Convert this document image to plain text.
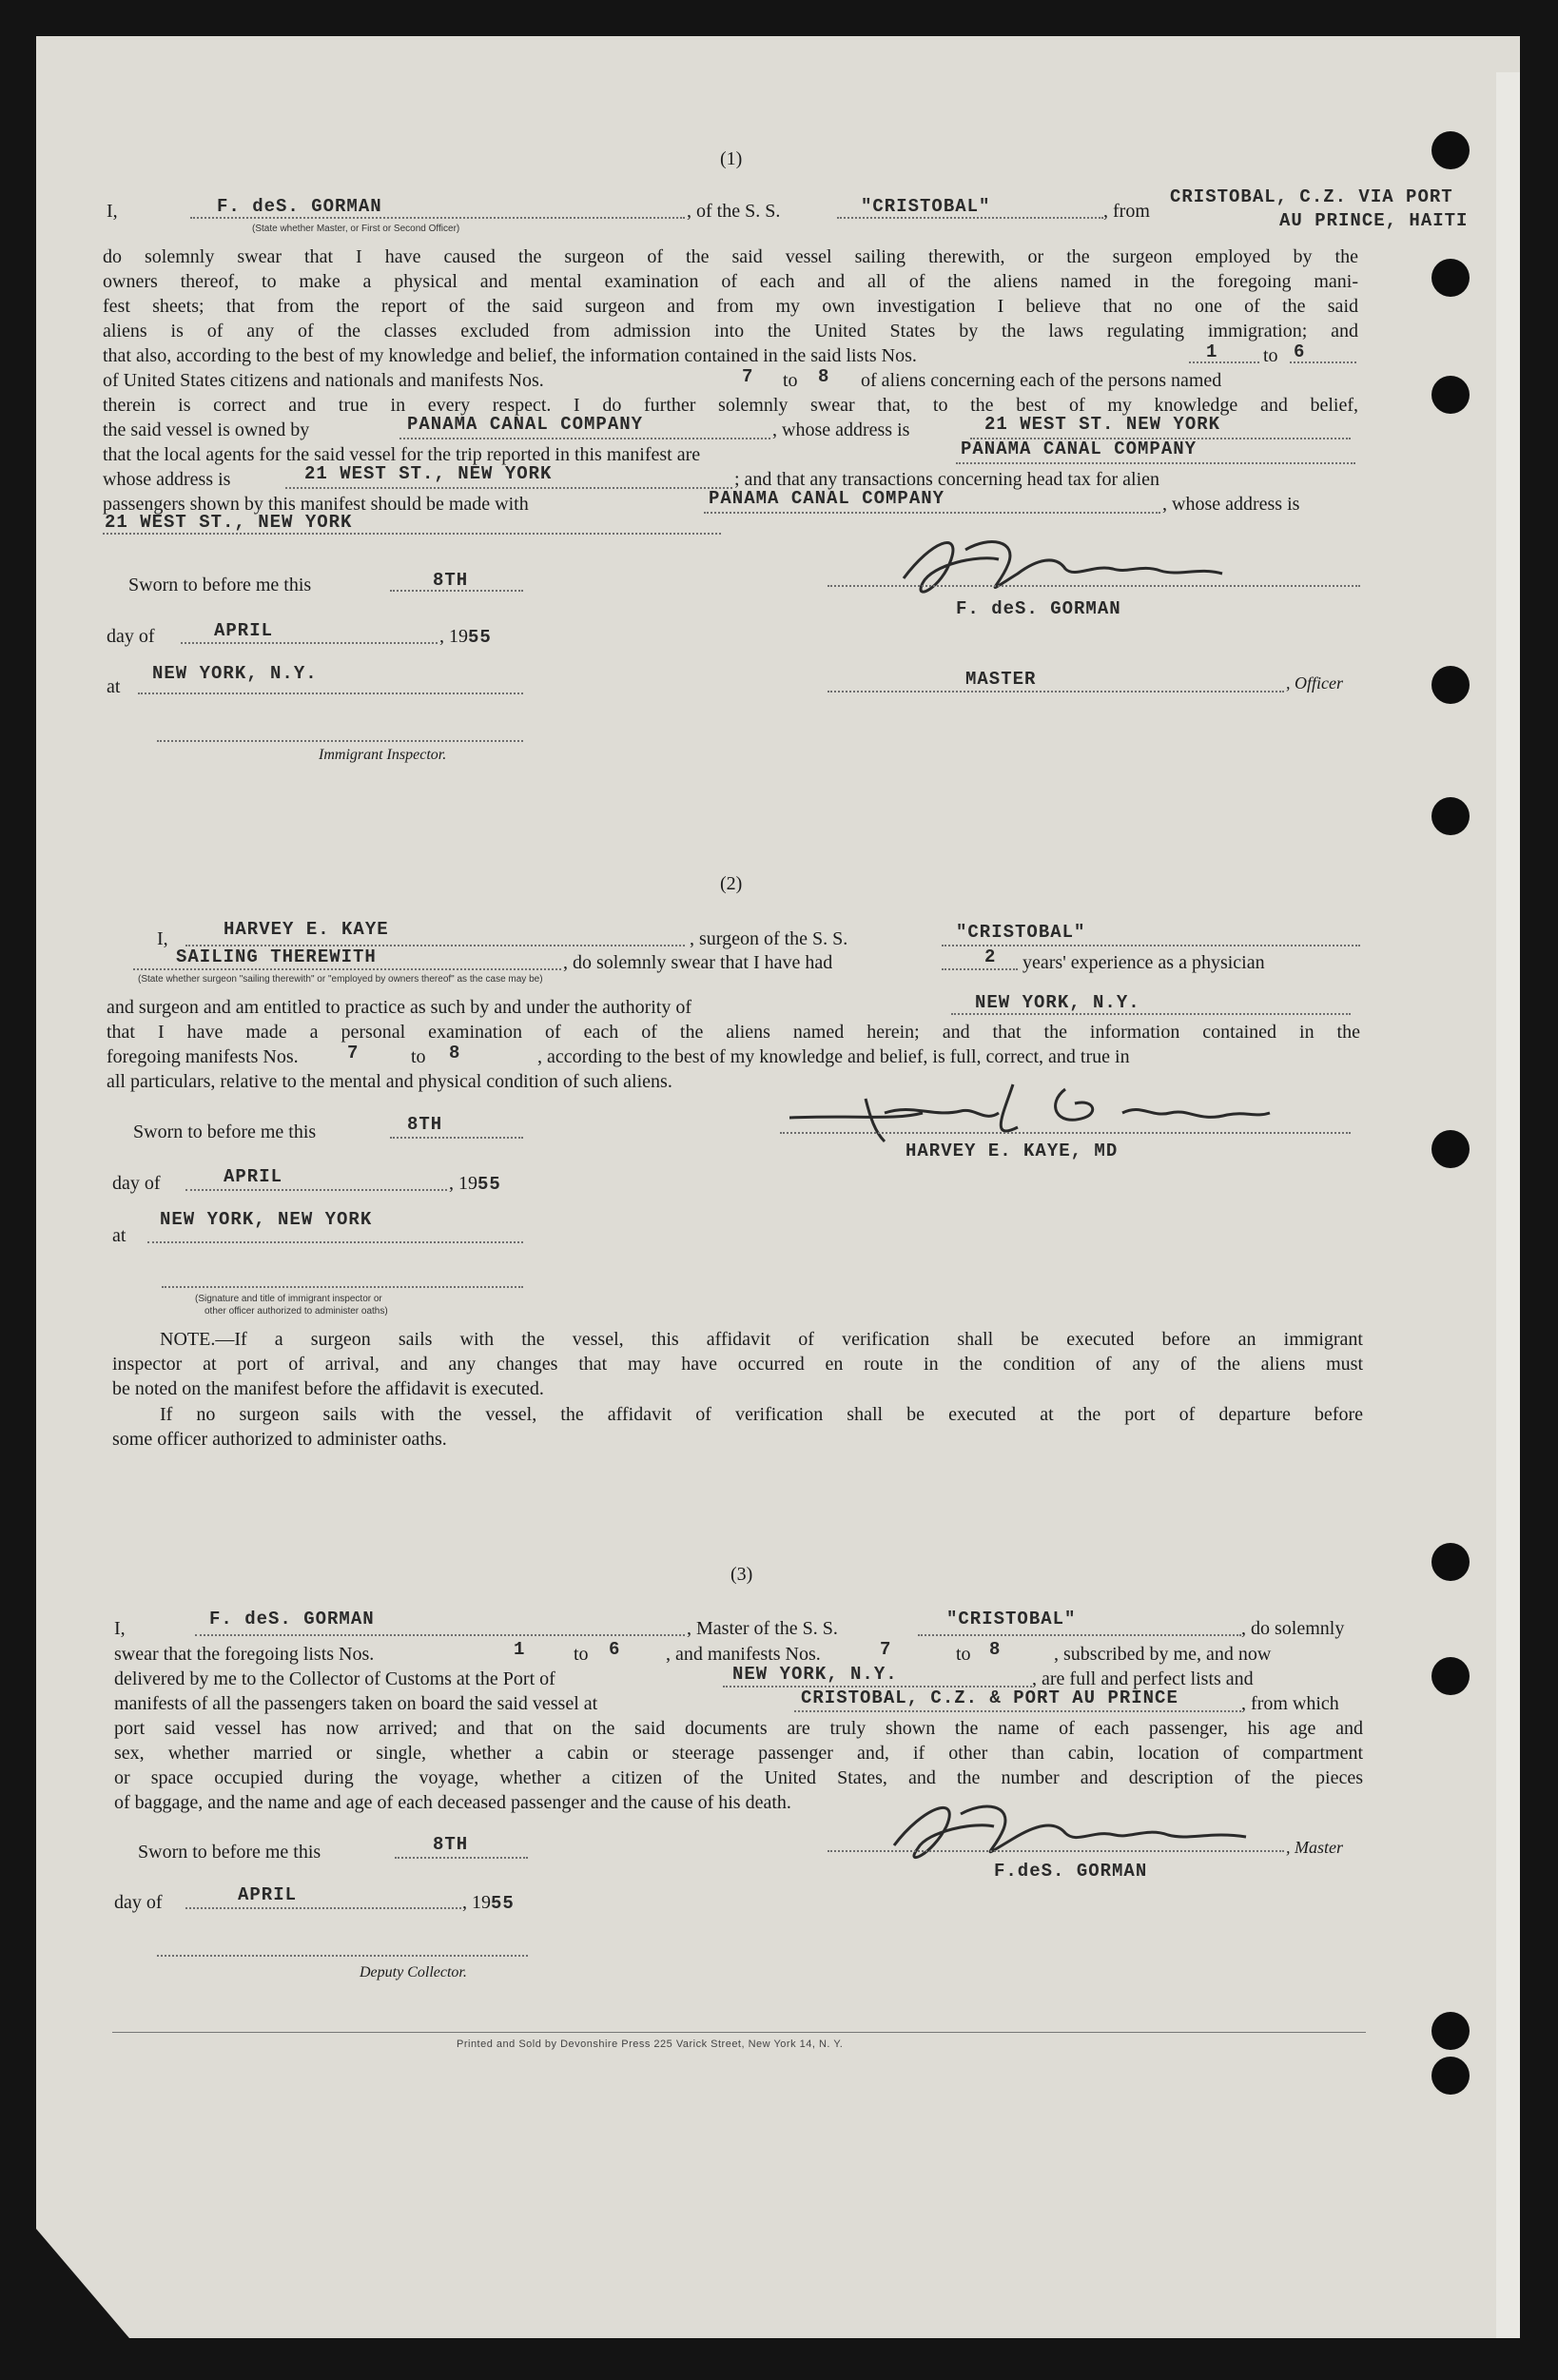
(1)
I,	F. deS. GORMAN	, of the S. S.	"CRISTOBAL"	, from
CRISTOBAL, C.Z. VIA PORT
AU PRINCE, HAITI
(State whether Master, or First or Second Officer)
do solemnly swear that I have caused the surgeon of the said vessel sailing therewith, or the surgeon employed by the
owners thereof, to make a physical and mental examination of each and all of the aliens named in the foregoing mani-
fest sheets; that from the report of the said surgeon and from my own investigation I believe that no one of the said
aliens is of any of the classes excluded from admission into the United States by the laws regulating immigration; and
that also, according to the best of my knowledge and belief, the information contained in the said lists Nos.	1 to 6
of United States citizens and nationals and manifests Nos.	7 to 8 of aliens concerning each of the persons named
therein is correct and true in every respect. I do further solemnly swear that, to the best of my knowledge and belief,
the said vessel is owned by	PANAMA CANAL COMPANY	, whose address is	21 WEST ST. NEW YORK
that the local agents for the said vessel for the trip reported in this manifest are	PANAMA CANAL COMPANY
whose address is	21 WEST ST., NEW YORK	; and that any transactions concerning head tax for alien
passengers shown by this manifest should be made with	PANAMA CANAL COMPANY	, whose address is
21 WEST ST., NEW YORK
Sworn to before me this	8TH
day of	APRIL	, 1955
at
NEW YORK, N.Y.
Immigrant Inspector.
F. deS. GORMAN
MASTER	, Officer
(2)
I,	HARVEY E. KAYE	, surgeon of the S. S.	"CRISTOBAL"
SAILING THEREWITH	, do solemnly swear that I have had	2 years' experience as a physician
(State whether surgeon "sailing therewith" or "employed by owners thereof" as the case may be)
and surgeon and am entitled to practice as such by and under the authority of	NEW YORK, N.Y.
that I have made a personal examination of each of the aliens named herein; and that the information contained in the
foregoing manifests Nos.	7	to 8	, according to the best of my knowledge and belief, is full, correct, and true in
all particulars, relative to the mental and physical condition of such aliens.
Sworn to before me this	8TH
day of	APRIL	, 1955
at
NEW YORK, NEW YORK
(Signature and title of immigrant inspector or
other officer authorized to administer oaths)
HARVEY E. KAYE, MD
NOTE.—If a surgeon sails with the vessel, this affidavit of verification shall be executed before an immigrant
inspector at port of arrival, and any changes that may have occurred en route in the condition of any of the aliens must
be noted on the manifest before the affidavit is executed.
If no surgeon sails with the vessel, the affidavit of verification shall be executed at the port of departure before
some officer authorized to administer oaths.
(3)
I,	F. deS. GORMAN	, Master of the S. S.	"CRISTOBAL"	, do solemnly
swear that the foregoing lists Nos.	1	to 6 , and manifests Nos.	7	to 8	, subscribed by me, and now
delivered by me to the Collector of Customs at the Port of	NEW YORK, N.Y.	, are full and perfect lists and
manifests of all the passengers taken on board the said vessel at	CRISTOBAL, C.Z. & PORT AU PRINCE	, from which
port said vessel has now arrived; and that on the said documents are truly shown the name of each passenger, his age and
sex, whether married or single, whether a cabin or steerage passenger and, if other than cabin, location of compartment
or space occupied during the voyage, whether a citizen of the United States, and the number and description of the pieces
of baggage, and the name and age of each deceased passenger and the cause of his death.
Sworn to before me this	8TH
day of	APRIL	, 1955
Deputy Collector.
, Master
F.deS. GORMAN
Printed and Sold by Devonshire Press 225 Varick Street, New York 14, N. Y.
